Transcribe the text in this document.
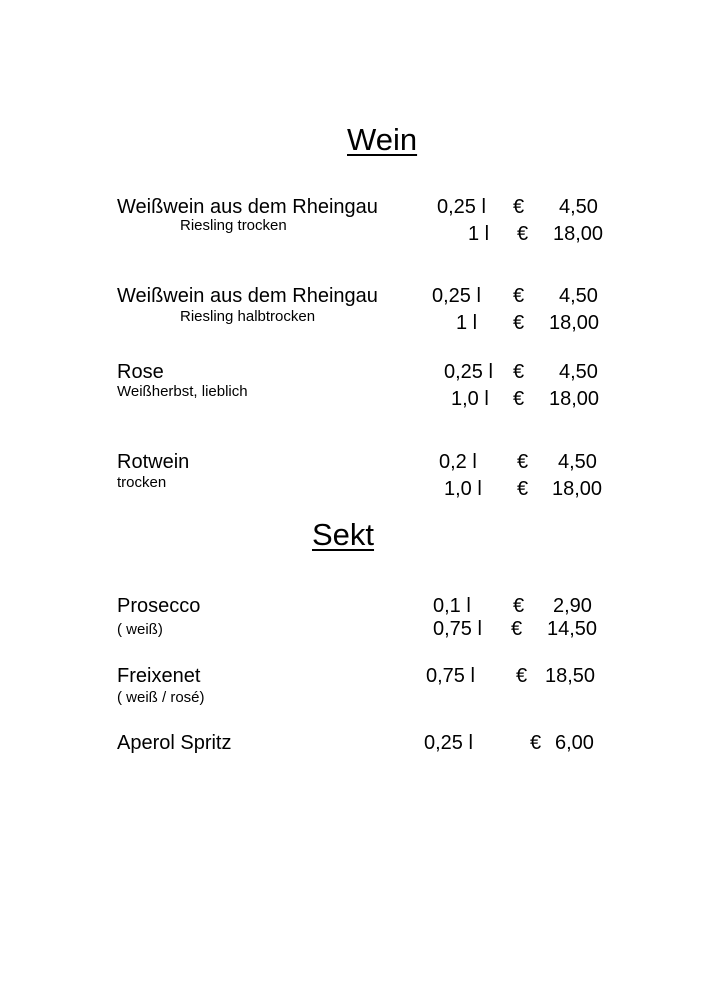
Wein
Weißwein aus dem Rheingau
Riesling trocken
0,25 l € 4,50
1 l € 18,00
Weißwein aus dem Rheingau
Riesling halbtrocken
0,25 l € 4,50
1 l € 18,00
Rose
Weißherbst, lieblich
0,25 l € 4,50
1,0 l € 18,00
Rotwein
trocken
0,2 l € 4,50
1,0 l € 18,00
Sekt
Prosecco
( weiß)
0,1 l € 2,90
0,75 l € 14,50
Freixenet
( weiß / rosé)
0,75 l € 18,50
Aperol Spritz	0,25 l	€ 6,00
